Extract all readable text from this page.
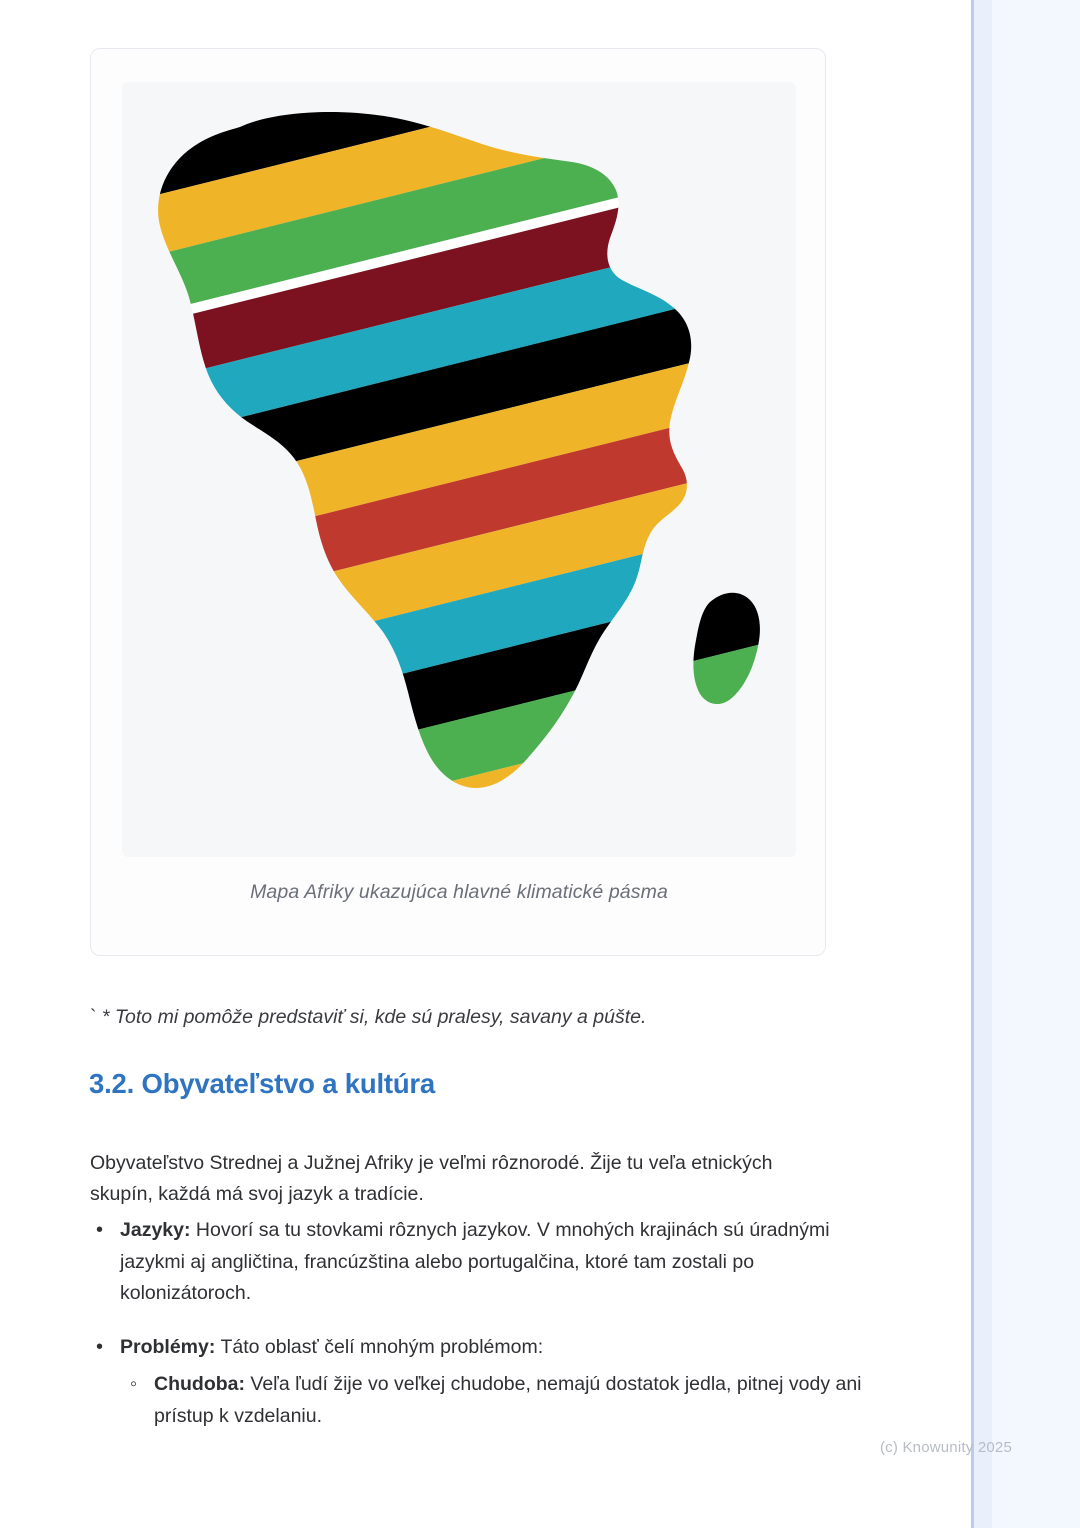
Mapa Afriky ukazujúca hlavné klimatické pásma
` * Toto mi pomôže predstaviť si, kde sú pralesy, savany a púšte.
3.2. Obyvateľstvo a kultúra

Obyvateľstvo Strednej a Južnej Afriky je veľmi rôznorodé. Žije tu veľa etnických skupín, každá má svoj jazyk a tradície.

• Jazyky: Hovorí sa tu stovkami rôznych jazykov. V mnohých krajinách sú úradnými jazykmi aj angličtina, francúzština alebo portugalčina, ktoré tam zostali po kolonizátoroch.
• Problémy: Táto oblasť čelí mnohým problémom:
◦ Chudoba: Veľa ľudí žije vo veľkej chudobe, nemajú dostatok jedla, pitnej vody ani prístup k vzdelaniu.
(c) Knowunity 2025
